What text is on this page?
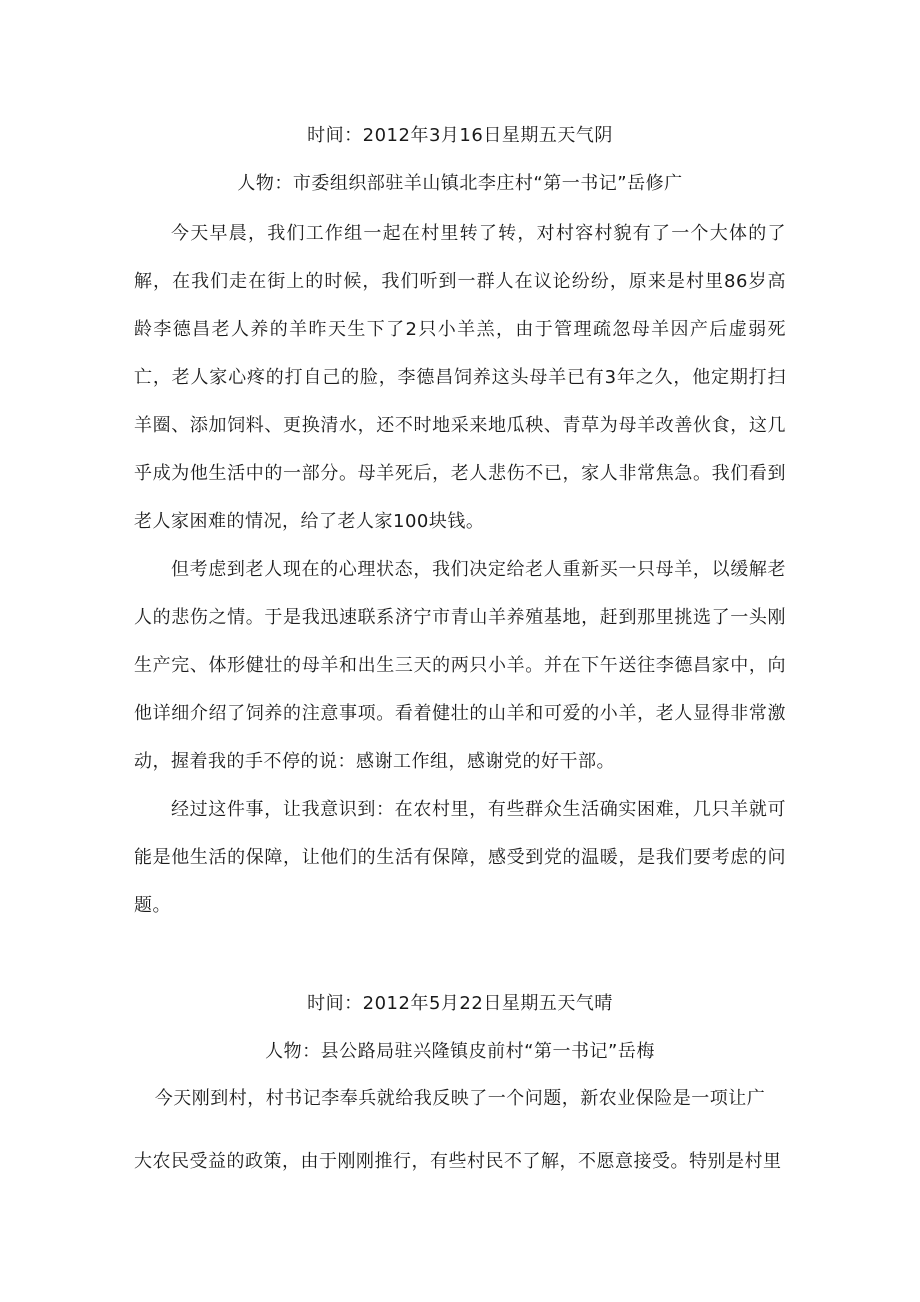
时间：2012年3月16日星期五天气阴
人物：市委组织部驻羊山镇北李庄村“第一书记”岳修广

今天早晨，我们工作组一起在村里转了转，对村容村貌有了一个大体的了解，在我们走在街上的时候，我们听到一群人在议论纷纷，原来是村里86岁高龄李德昌老人养的羊昨天生下了2只小羊羔，由于管理疏忽母羊因产后虚弱死亡，老人家心疼的打自己的脸，李德昌饲养这头母羊已有3年之久，他定期打扫羊圈、添加饲料、更换清水，还不时地采来地瓜秧、青草为母羊改善伙食，这几乎成为他生活中的一部分。母羊死后，老人悲伤不已，家人非常焦急。我们看到老人家困难的情况，给了老人家100块钱。

但考虑到老人现在的心理状态，我们决定给老人重新买一只母羊，以缓解老人的悲伤之情。于是我迅速联系济宁市青山羊养殖基地，赶到那里挑选了一头刚生产完、体形健壮的母羊和出生三天的两只小羊。并在下午送往李德昌家中，向他详细介绍了饲养的注意事项。看着健壮的山羊和可爱的小羊，老人显得非常激动，握着我的手不停的说：感谢工作组，感谢党的好干部。

经过这件事，让我意识到：在农村里，有些群众生活确实困难，几只羊就可能是他生活的保障，让他们的生活有保障，感受到党的温暖，是我们要考虑的问题。

时间：2012年5月22日星期五天气晴
人物：县公路局驻兴隆镇皮前村“第一书记”岳梅

今天刚到村，村书记李奉兵就给我反映了一个问题，新农业保险是一项让广

大农民受益的政策，由于刚刚推行，有些村民不了解，不愿意接受。特别是村里
